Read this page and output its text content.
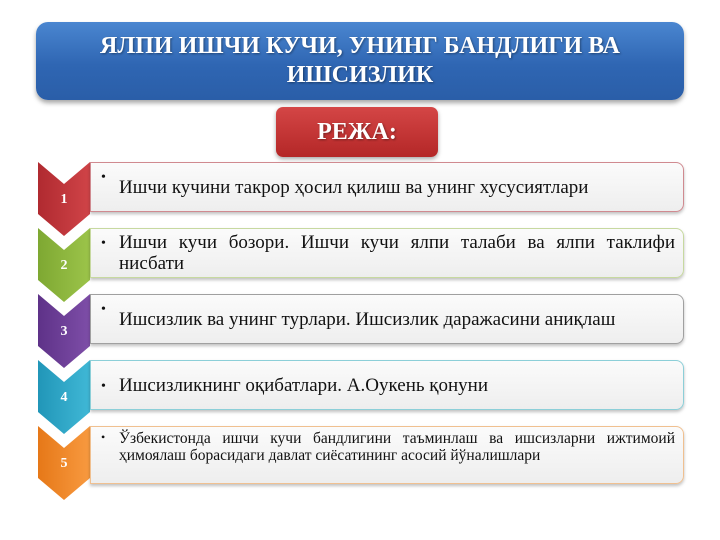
ЯЛПИ ИШЧИ КУЧИ, УНИНГ БАНДЛИГИ ВА ИШСИЗЛИК
РЕЖА:
1
• Ишчи кучини такрор ҳосил қилиш ва унинг хусусиятлари
2
• Ишчи кучи бозори. Ишчи кучи ялпи талаби ва ялпи таклифи нисбати
3
• Ишсизлик ва унинг турлари. Ишсизлик даражасини аниқлаш
4
• Ишсизликнинг оқибатлари. А.Оукень қонуни
5
• Ўзбекистонда ишчи кучи бандлигини таъминлаш ва ишсизларни ижтимоий ҳимоялаш борасидаги давлат сиёсатининг асосий йўналишлари
